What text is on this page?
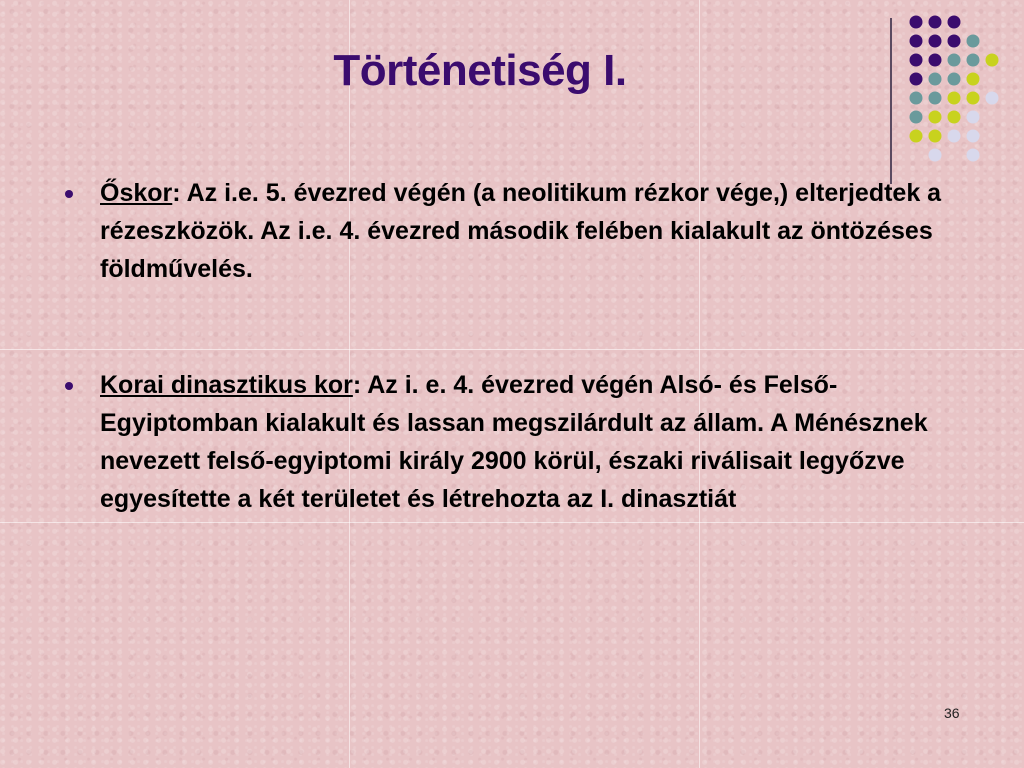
Történetiség I.
Őskor: Az i.e. 5. évezred végén (a neolitikum rézkor vége,) elterjedtek a rézeszközök. Az i.e. 4. évezred második felében kialakult az öntözéses földművelés.
Korai dinasztikus kor: Az i. e. 4. évezred végén Alsó- és Felső-Egyiptomban kialakult és lassan megszilárdult az állam. A Ménésznek nevezett felső-egyiptomi király 2900 körül, északi riválisait legyőzve egyesítette a két területet és létrehozta az I. dinasztiát
36
